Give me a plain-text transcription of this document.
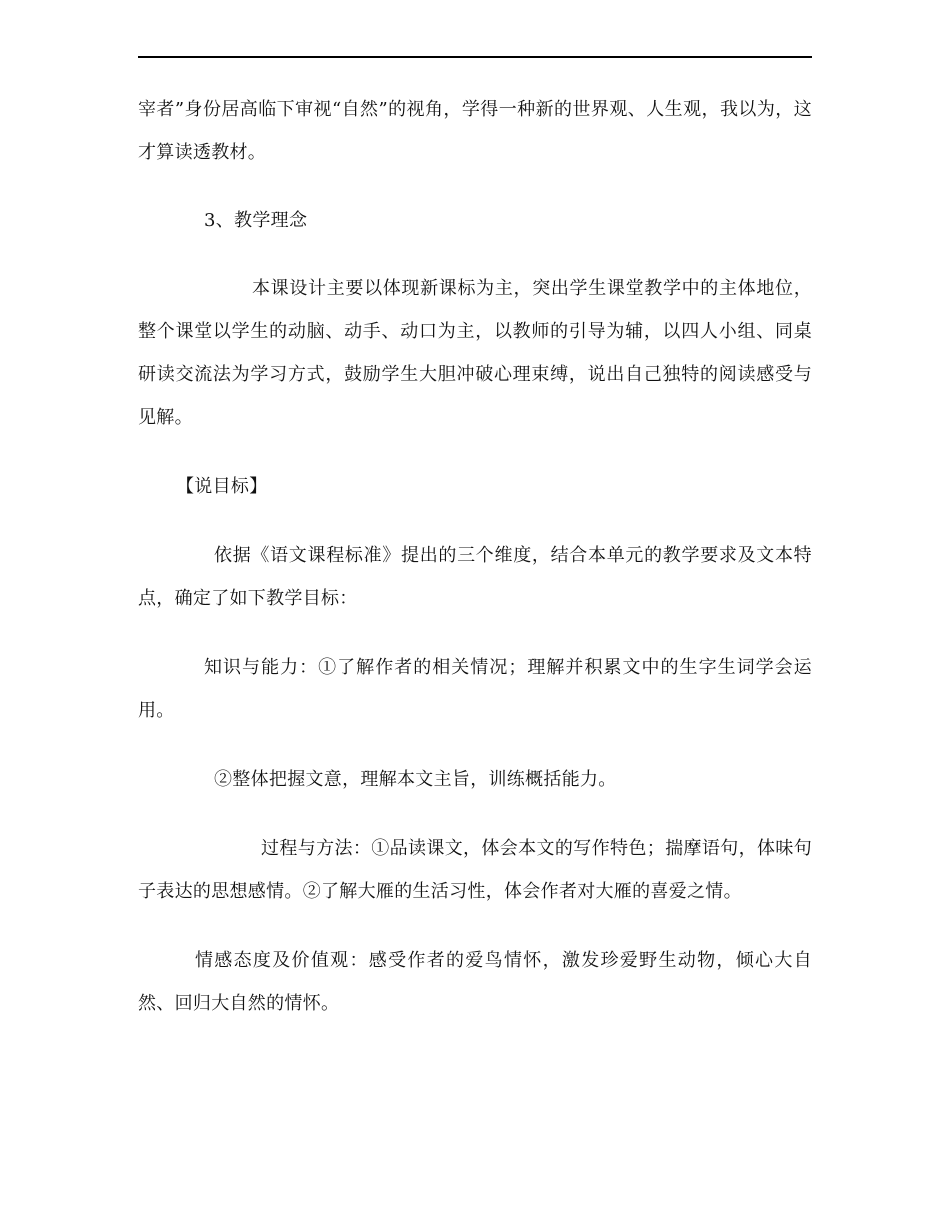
宰者”身份居高临下审视“自然”的视角，学得一种新的世界观、人生观，我以为，这才算读透教材。

3、教学理念

本课设计主要以体现新课标为主，突出学生课堂教学中的主体地位，整个课堂以学生的动脑、动手、动口为主，以教师的引导为辅，以四人小组、同桌研读交流法为学习方式，鼓励学生大胆冲破心理束缚，说出自己独特的阅读感受与见解。

【说目标】

依据《语文课程标准》提出的三个维度，结合本单元的教学要求及文本特点，确定了如下教学目标：

知识与能力：①了解作者的相关情况；理解并积累文中的生字生词学会运用。

②整体把握文意，理解本文主旨，训练概括能力。

过程与方法：①品读课文，体会本文的写作特色；揣摩语句，体味句子表达的思想感情。②了解大雁的生活习性，体会作者对大雁的喜爱之情。

情感态度及价值观：感受作者的爱鸟情怀，激发珍爱野生动物，倾心大自然、回归大自然的情怀。
